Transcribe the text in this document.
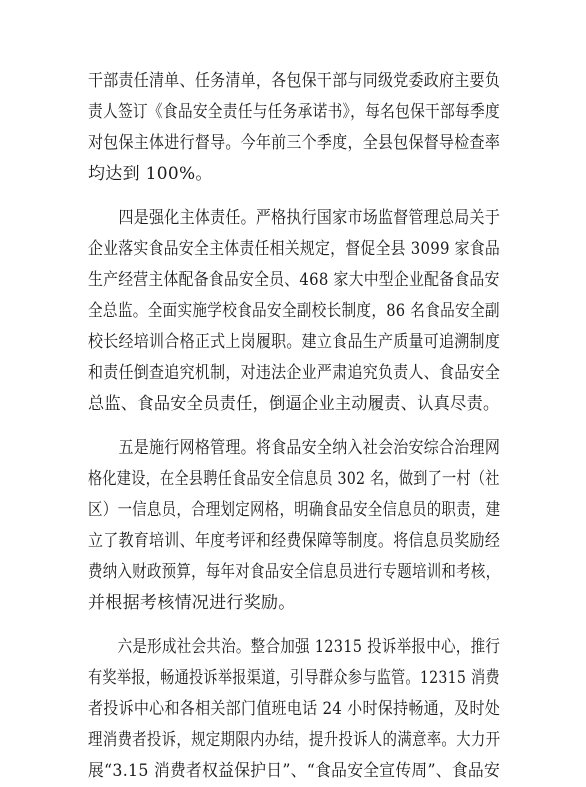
干部责任清单、任务清单，各包保干部与同级党委政府主要负
责人签订《食品安全责任与任务承诺书》，每名包保干部每季度
对包保主体进行督导。今年前三个季度，全县包保督导检查率
均达到 100%。
　　四是强化主体责任。严格执行国家市场监督管理总局关于
企业落实食品安全主体责任相关规定，督促全县 3099 家食品
生产经营主体配备食品安全员、468 家大中型企业配备食品安
全总监。全面实施学校食品安全副校长制度，86 名食品安全副
校长经培训合格正式上岗履职。建立食品生产质量可追溯制度
和责任倒查追究机制，对违法企业严肃追究负责人、食品安全
总监、食品安全员责任，倒逼企业主动履责、认真尽责。
　　五是施行网格管理。将食品安全纳入社会治安综合治理网
格化建设，在全县聘任食品安全信息员 302 名，做到了一村（社
区）一信息员，合理划定网格，明确食品安全信息员的职责，建
立了教育培训、年度考评和经费保障等制度。将信息员奖励经
费纳入财政预算，每年对食品安全信息员进行专题培训和考核，
并根据考核情况进行奖励。
　　六是形成社会共治。整合加强 12315 投诉举报中心，推行
有奖举报，畅通投诉举报渠道，引导群众参与监管。12315 消费
者投诉中心和各相关部门值班电话 24 小时保持畅通，及时处
理消费者投诉，规定期限内办结，提升投诉人的满意率。大力开
展“3.15 消费者权益保护日”、“食品安全宣传周”、食品安
